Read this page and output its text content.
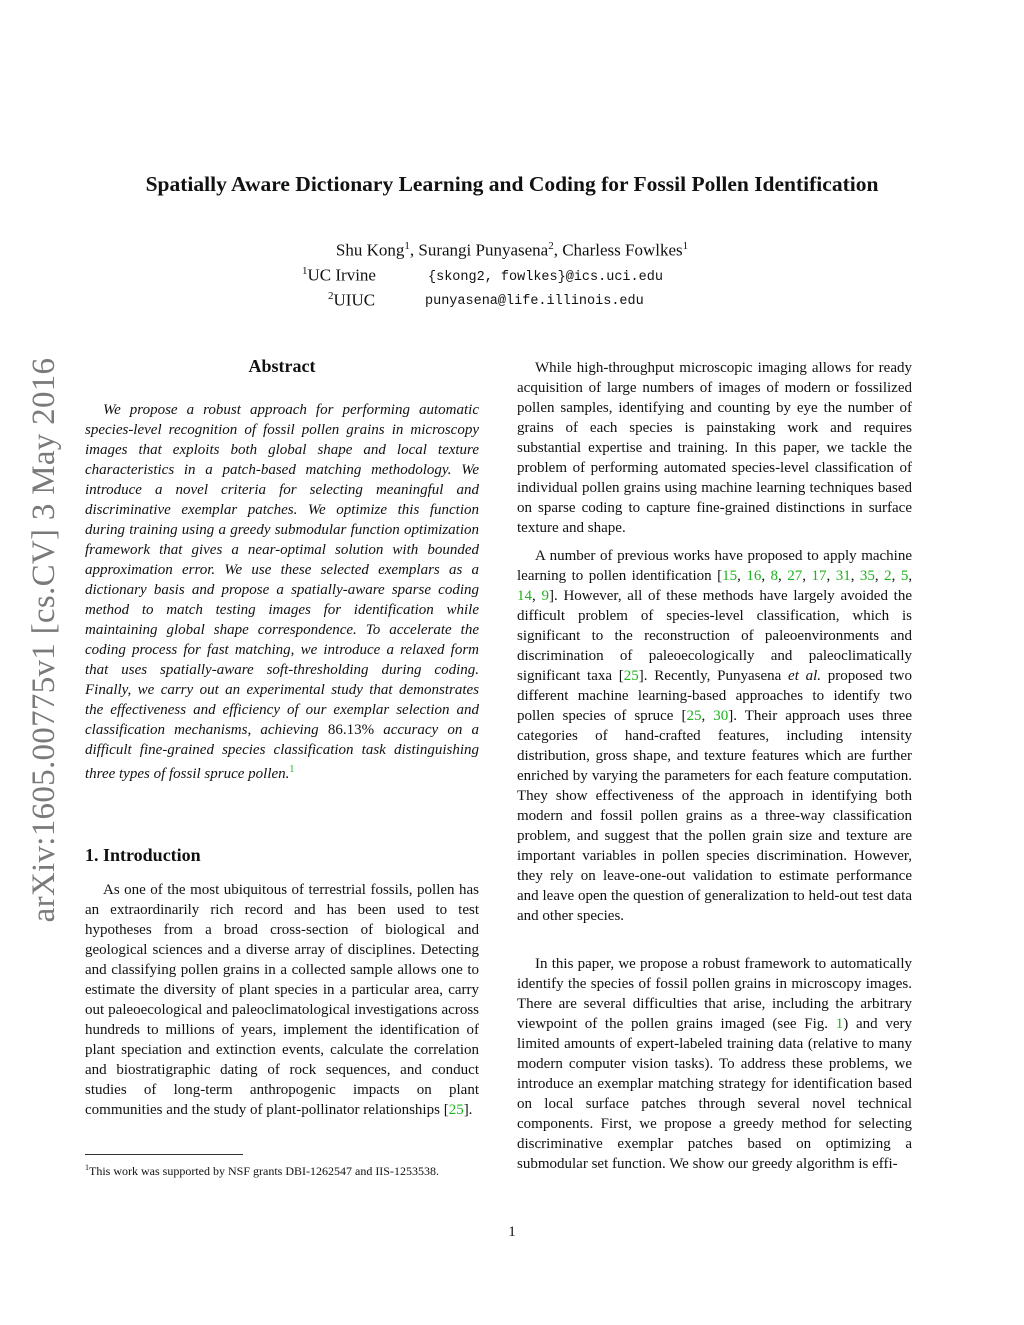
arXiv:1605.00775v1 [cs.CV] 3 May 2016
Spatially Aware Dictionary Learning and Coding for Fossil Pollen Identification
Shu Kong$^1$, Surangi Punyasena$^2$, Charless Fowlkes$^1$
$^1$UC Irvine	{skong2, fowlkes}@ics.uci.edu
$^2$UIUC	punyasena@life.illinois.edu
Abstract

We propose a robust approach for performing automatic species-level recognition of fossil pollen grains in microscopy images that exploits both global shape and local texture characteristics in a patch-based matching methodology. We introduce a novel criteria for selecting meaningful and discriminative exemplar patches. We optimize this function during training using a greedy submodular function optimization framework that gives a near-optimal solution with bounded approximation error. We use these selected exemplars as a dictionary basis and propose a spatially-aware sparse coding method to match testing images for identification while maintaining global shape correspondence. To accelerate the coding process for fast matching, we introduce a relaxed form that uses spatially-aware soft-thresholding during coding. Finally, we carry out an experimental study that demonstrates the effectiveness and efficiency of our exemplar selection and classification mechanisms, achieving 86.13% accuracy on a difficult fine-grained species classification task distinguishing three types of fossil spruce pollen.$^1$

1. Introduction

As one of the most ubiquitous of terrestrial fossils, pollen has an extraordinarily rich record and has been used to test hypotheses from a broad cross-section of biological and geological sciences and a diverse array of disciplines. Detecting and classifying pollen grains in a collected sample allows one to estimate the diversity of plant species in a particular area, carry out paleoecological and paleoclimatological investigations across hundreds to millions of years, implement the identification of plant speciation and extinction events, calculate the correlation and biostratigraphic dating of rock sequences, and conduct studies of long-term anthropogenic impacts on plant communities and the study of plant-pollinator relationships [25].

$^1$This work was supported by NSF grants DBI-1262547 and IIS-1253538.

While high-throughput microscopic imaging allows for ready acquisition of large numbers of images of modern or fossilized pollen samples, identifying and counting by eye the number of grains of each species is painstaking work and requires substantial expertise and training. In this paper, we tackle the problem of performing automated species-level classification of individual pollen grains using machine learning techniques based on sparse coding to capture fine-grained distinctions in surface texture and shape.

A number of previous works have proposed to apply machine learning to pollen identification [15, 16, 8, 27, 17, 31, 35, 2, 5, 14, 9]. However, all of these methods have largely avoided the difficult problem of species-level classification, which is significant to the reconstruction of paleoenvironments and discrimination of paleoecologically and paleoclimatically significant taxa [25]. Recently, Punyasena et al. proposed two different machine learning-based approaches to identify two pollen species of spruce [25, 30]. Their approach uses three categories of hand-crafted features, including intensity distribution, gross shape, and texture features which are further enriched by varying the parameters for each feature computation. They show effectiveness of the approach in identifying both modern and fossil pollen grains as a three-way classification problem, and suggest that the pollen grain size and texture are important variables in pollen species discrimination. However, they rely on leave-one-out validation to estimate performance and leave open the question of generalization to held-out test data and other species.

In this paper, we propose a robust framework to automatically identify the species of fossil pollen grains in microscopy images. There are several difficulties that arise, including the arbitrary viewpoint of the pollen grains imaged (see Fig. 1) and very limited amounts of expert-labeled training data (relative to many modern computer vision tasks). To address these problems, we introduce an exemplar matching strategy for identification based on local surface patches through several novel technical components. First, we propose a greedy method for selecting discriminative exemplar patches based on optimizing a submodular set function. We show our greedy algorithm is effi-

1
